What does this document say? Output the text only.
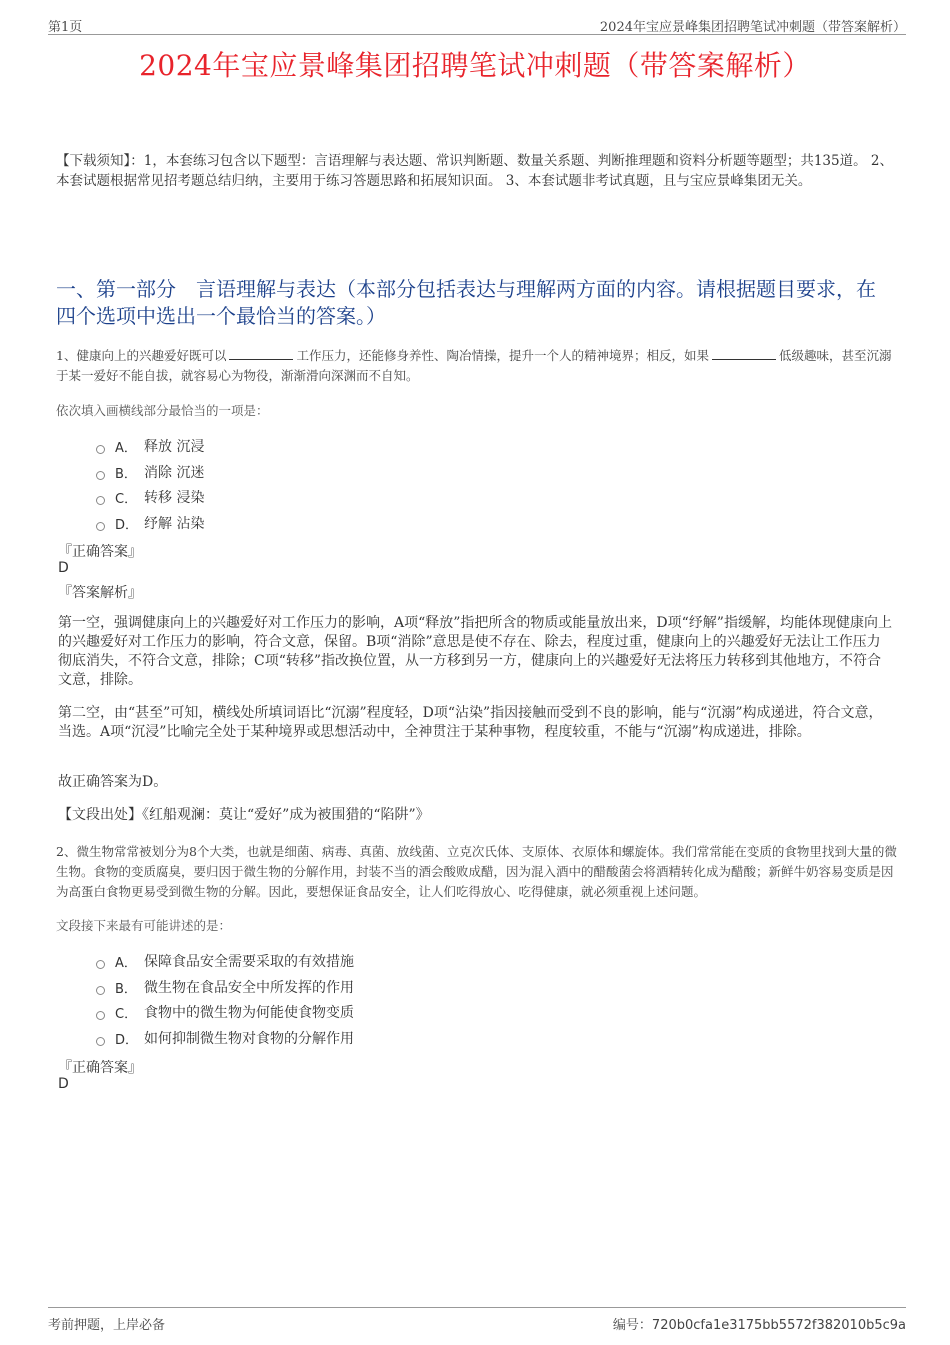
第1页	2024年宝应景峰集团招聘笔试冲刺题（带答案解析）
2024年宝应景峰集团招聘笔试冲刺题（带答案解析）
【下载须知】：1，本套练习包含以下题型：言语理解与表达题、常识判断题、数量关系题、判断推理题和资料分析题等题型；共135道。 2、本套试题根据常见招考题总结归纳，主要用于练习答题思路和拓展知识面。 3、本套试题非考试真题，且与宝应景峰集团无关。
一、第一部分　言语理解与表达（本部分包括表达与理解两方面的内容。请根据题目要求，在四个选项中选出一个最恰当的答案。）
1、健康向上的兴趣爱好既可以	工作压力，还能修身养性、陶冶情操，提升一个人的精神境界；相反，如果	低级趣味，甚至沉溺于某一爱好不能自拔，就容易心为物役，渐渐滑向深渊而不自知。
依次填入画横线部分最恰当的一项是：
A． 释放 沉浸
B． 消除 沉迷
C． 转移 浸染
D． 纾解 沾染
『正确答案』
D
『答案解析』
第一空，强调健康向上的兴趣爱好对工作压力的影响，A项“释放”指把所含的物质或能量放出来，D项“纾解”指缓解，均能体现健康向上的兴趣爱好对工作压力的影响，符合文意，保留。B项“消除”意思是使不存在、除去，程度过重，健康向上的兴趣爱好无法让工作压力彻底消失，不符合文意，排除；C项“转移”指改换位置，从一方移到另一方，健康向上的兴趣爱好无法将压力转移到其他地方，不符合文意，排除。
第二空，由“甚至”可知，横线处所填词语比“沉溺”程度轻，D项“沾染”指因接触而受到不良的影响，能与“沉溺”构成递进，符合文意，当选。A项“沉浸”比喻完全处于某种境界或思想活动中，全神贯注于某种事物，程度较重，不能与“沉溺”构成递进，排除。
故正确答案为D。
【文段出处】《红船观澜：莫让“爱好”成为被围猎的“陷阱”》
2、微生物常常被划分为8个大类，也就是细菌、病毒、真菌、放线菌、立克次氏体、支原体、衣原体和螺旋体。我们常常能在变质的食物里找到大量的微生物。食物的变质腐臭，要归因于微生物的分解作用，封装不当的酒会酸败成醋，因为混入酒中的醋酸菌会将酒精转化成为醋酸；新鲜牛奶容易变质是因为高蛋白食物更易受到微生物的分解。因此，要想保证食品安全，让人们吃得放心、吃得健康，就必须重视上述问题。
文段接下来最有可能讲述的是：
A． 保障食品安全需要采取的有效措施
B． 微生物在食品安全中所发挥的作用
C． 食物中的微生物为何能使食物变质
D． 如何抑制微生物对食物的分解作用
『正确答案』
D
考前押题，上岸必备	编号：720b0cfa1e3175bb5572f382010b5c9a
